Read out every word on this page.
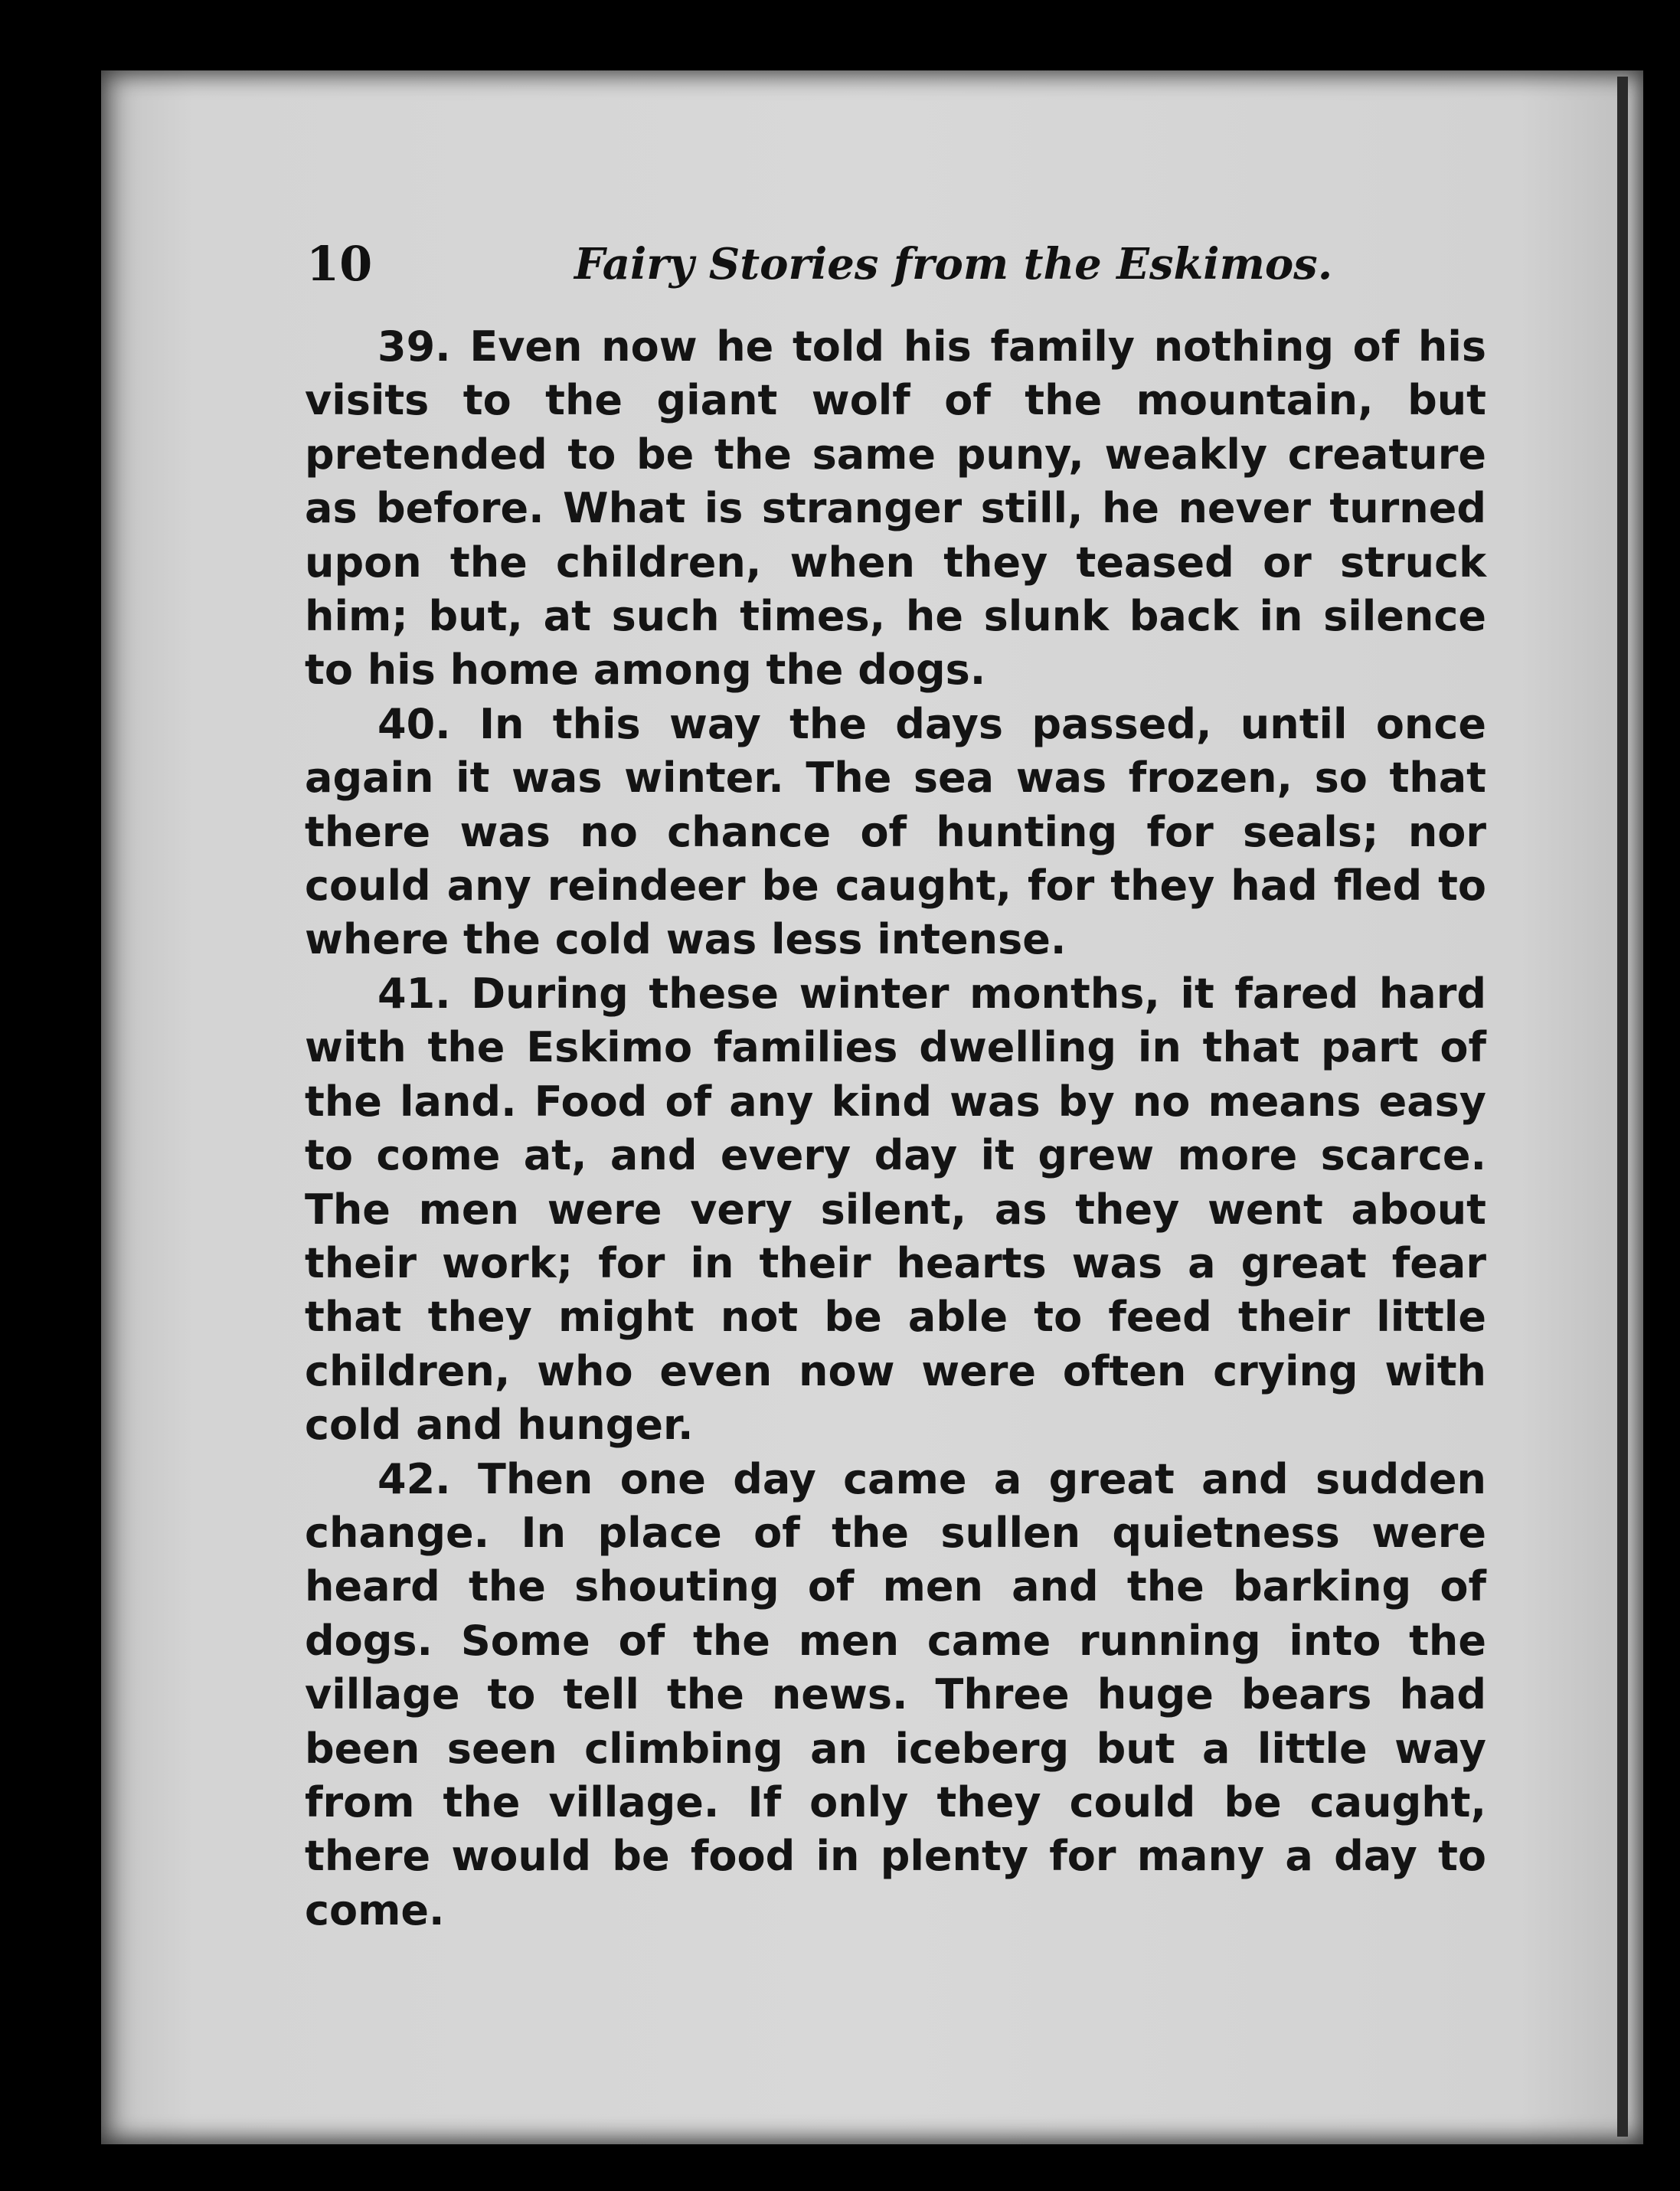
10	Fairy Stories from the Eskimos.

39. Even now he told his family nothing of his visits to the giant wolf of the mountain, but pretended to be the same puny, weakly creature as before. What is stranger still, he never turned upon the children, when they teased or struck him; but, at such times, he slunk back in silence to his home among the dogs.

40. In this way the days passed, until once again it was winter. The sea was frozen, so that there was no chance of hunting for seals; nor could any reindeer be caught, for they had fled to where the cold was less intense.

41. During these winter months, it fared hard with the Eskimo families dwelling in that part of the land. Food of any kind was by no means easy to come at, and every day it grew more scarce. The men were very silent, as they went about their work; for in their hearts was a great fear that they might not be able to feed their little children, who even now were often crying with cold and hunger.

42. Then one day came a great and sudden change. In place of the sullen quietness were heard the shouting of men and the barking of dogs. Some of the men came running into the village to tell the news. Three huge bears had been seen climbing an iceberg but a little way from the village. If only they could be caught, there would be food in plenty for many a day to come.
